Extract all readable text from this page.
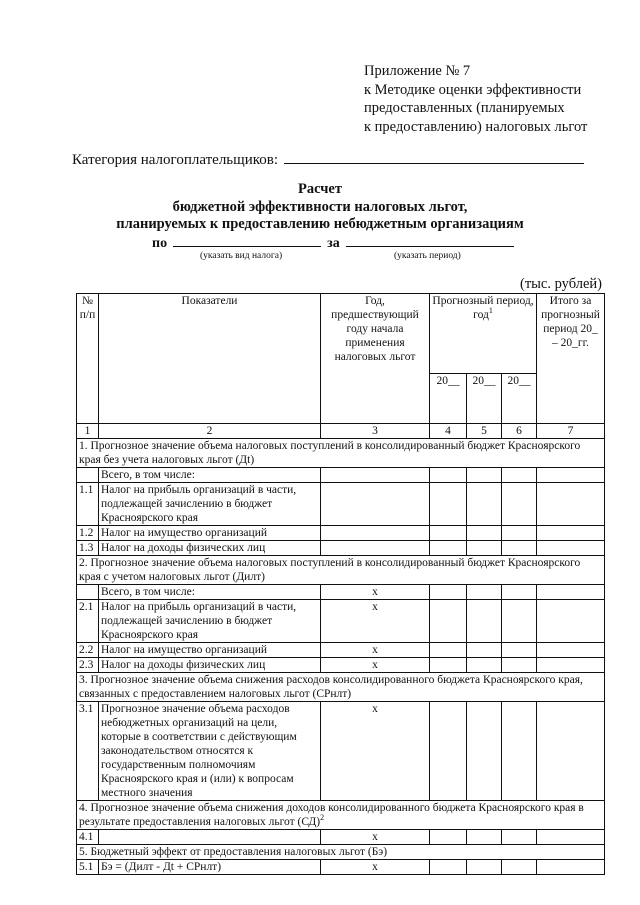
Приложение № 7
к Методике оценки эффективности
предоставленных (планируемых
к предоставлению) налоговых льгот
Категория налогоплательщиков:
Расчет
бюджетной эффективности налоговых льгот,
планируемых к предоставлению небюджетным организациям
по	за
(указать вид налога)	(указать период)
(тыс. рублей)
№ п/п	Показатели	Год, предшествующий году начала применения налоговых льгот	Прогнозный период, год$^1$			Итого за прогнозный период 20_ – 20_гг.
			20__	20__	20__	
1	2	3	4	5	6	7
1. Прогнозное значение объема налоговых поступлений в консолидированный бюджет Красноярского края без учета налоговых льгот (Дt)						
	Всего, в том числе:					
1.1	Налог на прибыль организаций в части, подлежащей зачислению в бюджет Красноярского края					
1.2	Налог на имущество организаций					
1.3	Налог на доходы физических лиц					
2. Прогнозное значение объема налоговых поступлений в консолидированный бюджет Красноярского края с учетом налоговых льгот (Дилт)						
	Всего, в том числе:	x				
2.1	Налог на прибыль организаций в части, подлежащей зачислению в бюджет Красноярского края	x				
2.2	Налог на имущество организаций	x				
2.3	Налог на доходы физических лиц	x				
3. Прогнозное значение объема снижения расходов консолидированного бюджета Красноярского края, связанных с предоставлением налоговых льгот (СРнлт)						
3.1	Прогнозное значение объема расходов небюджетных организаций на цели, которые в соответствии с действующим законодательством относятся к государственным полномочиям Красноярского края и (или) к вопросам местного значения	x				
4. Прогнозное значение объема снижения доходов консолидированного бюджета Красноярского края в результате предоставления налоговых льгот (СД)$^2$
4.1		x				
5. Бюджетный эффект от предоставления налоговых льгот (Бэ)						
5.1	Бэ = (Дилт - Дt + СРнлт)	x				
